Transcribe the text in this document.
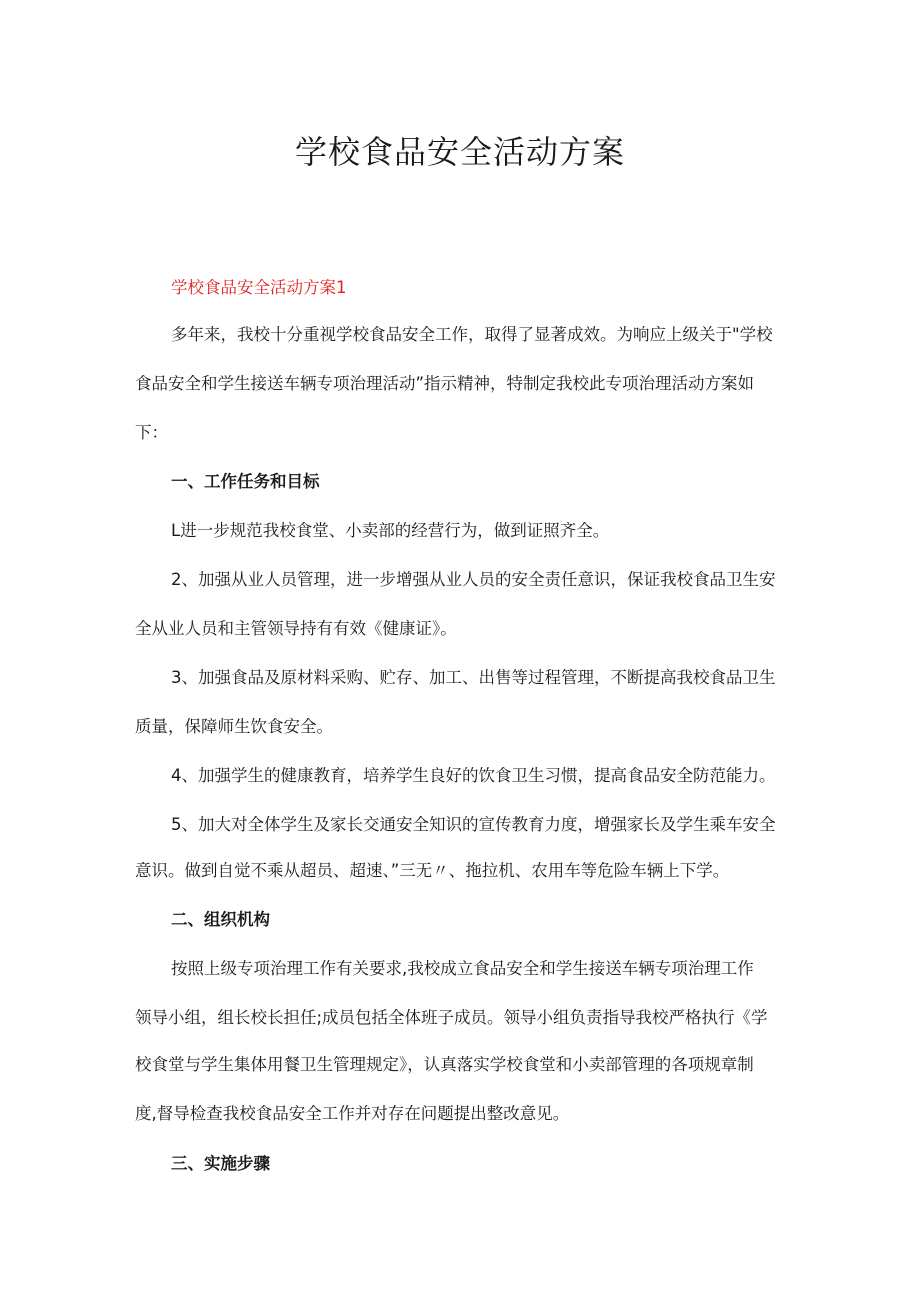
学校食品安全活动方案

学校食品安全活动方案1

多年来，我校十分重视学校食品安全工作，取得了显著成效。为响应上级关于"学校

食品安全和学生接送车辆专项治理活动”指示精神，特制定我校此专项治理活动方案如

下：

一、工作任务和目标

L进一步规范我校食堂、小卖部的经营行为，做到证照齐全。

2、加强从业人员管理，进一步增强从业人员的安全责任意识，保证我校食品卫生安

全从业人员和主管领导持有有效《健康证》。

3、加强食品及原材料采购、贮存、加工、出售等过程管理，不断提高我校食品卫生

质量，保障师生饮食安全。

4、加强学生的健康教育，培养学生良好的饮食卫生习惯，提高食品安全防范能力。

5、加大对全体学生及家长交通安全知识的宣传教育力度，增强家长及学生乘车安全

意识。做到自觉不乘从超员、超速、”三无〃、拖拉机、农用车等危险车辆上下学。

二、组织机构

按照上级专项治理工作有关要求,我校成立食品安全和学生接送车辆专项治理工作

领导小组，组长校长担任;成员包括全体班子成员。领导小组负责指导我校严格执行《学

校食堂与学生集体用餐卫生管理规定》，认真落实学校食堂和小卖部管理的各项规章制

度,督导检查我校食品安全工作并对存在问题提出整改意见。

三、实施步骤
